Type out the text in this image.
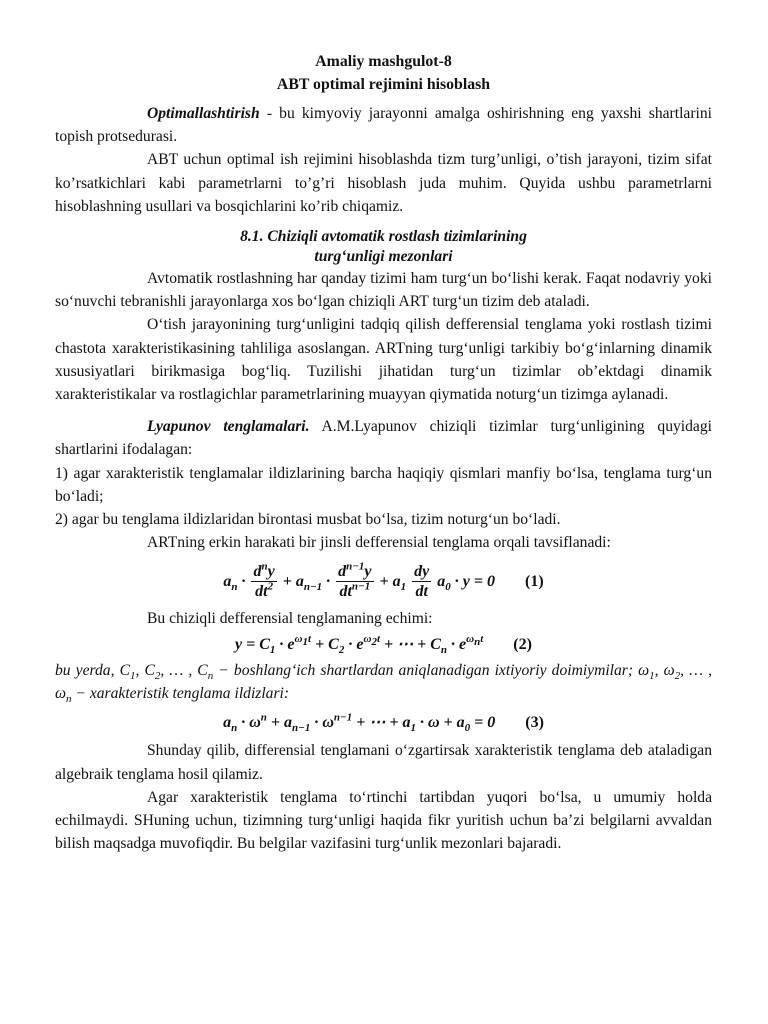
Amaliy mashgulot-8
ABT optimal rejimini hisoblash

Optimallashtirish - bu kimyoviy jarayonni amalga oshirishning eng yaxshi shartlarini topish protsedurasi.

ABT uchun optimal ish rejimini hisoblashda tizm turg’unligi, o’tish jarayoni, tizim sifat ko’rsatkichlari kabi parametrlarni to’g’ri hisoblash juda muhim. Quyida ushbu parametrlarni hisoblashning usullari va bosqichlarini ko’rib chiqamiz.

8.1. Chiziqli avtomatik rostlash tizimlarining
turg‘unligi mezonlari

Avtomatik rostlashning har qanday tizimi ham turg‘un bo‘lishi kerak. Faqat nodavriy yoki so‘nuvchi tebranishli jarayonlarga xos bo‘lgan chiziqli ART turg‘un tizim deb ataladi.

O‘tish jarayonining turg‘unligini tadqiq qilish defferensial tenglama yoki rostlash tizimi chastota xarakteristikasining tahliliga asoslangan. ARTning turg‘unligi tarkibiy bo‘g‘inlarning dinamik xususiyatlari birikmasiga bog‘liq. Tuzilishi jihatidan turg‘un tizimlar ob’ektdagi dinamik xarakteristikalar va rostlagichlar parametrlarining muayyan qiymatida noturg‘un tizimga aylanadi.

Lyapunov tenglamalari. A.M.Lyapunov chiziqli tizimlar turg‘unligining quyidagi shartlarini ifodalagan:

1) agar xarakteristik tenglamalar ildizlarining barcha haqiqiy qismlari manfiy bo‘lsa, tenglama turg‘un bo‘ladi;

2) agar bu tenglama ildizlaridan birontasi musbat bo‘lsa, tizim noturg‘un bo‘ladi.

ARTning erkin harakati bir jinsli defferensial tenglama orqali tavsiflanadi:

$a_n \cdot \frac{d^ny}{dt^2} + a_{n-1} \cdot \frac{d^{n-1}y}{dt^{n-1}} + a_1 \frac{dy}{dt} a_0 \cdot y = 0$ (1)

Bu chiziqli defferensial tenglamaning echimi:

$y = C_1 \cdot e^{\omega_1t} + C_2 \cdot e^{\omega_2t}$ + ⋯ + $C_n \cdot e^{\omega_nt}$ (2)

bu yerda, $C_1$, $C_2$, … , $C_n$ − boshlang‘ich shartlardan aniqlanadigan ixtiyoriy doimiymilar; $\omega_1$, $\omega_2$, … , $\omega_n$ − xarakteristik tenglama ildizlari:

$a_n \cdot \omega^n + a_{n-1} \cdot \omega^{n-1}$ + ⋯ + $a_1 \cdot \omega + a_0 = 0$ (3)

Shunday qilib, differensial tenglamani o‘zgartirsak xarakteristik tenglama deb ataladigan algebraik tenglama hosil qilamiz.

Agar xarakteristik tenglama to‘rtinchi tartibdan yuqori bo‘lsa, u umumiy holda echilmaydi. SHuning uchun, tizimning turg‘unligi haqida fikr yuritish uchun ba’zi belgilarni avvaldan bilish maqsadga muvofiqdir. Bu belgilar vazifasini turg‘unlik mezonlari bajaradi.
